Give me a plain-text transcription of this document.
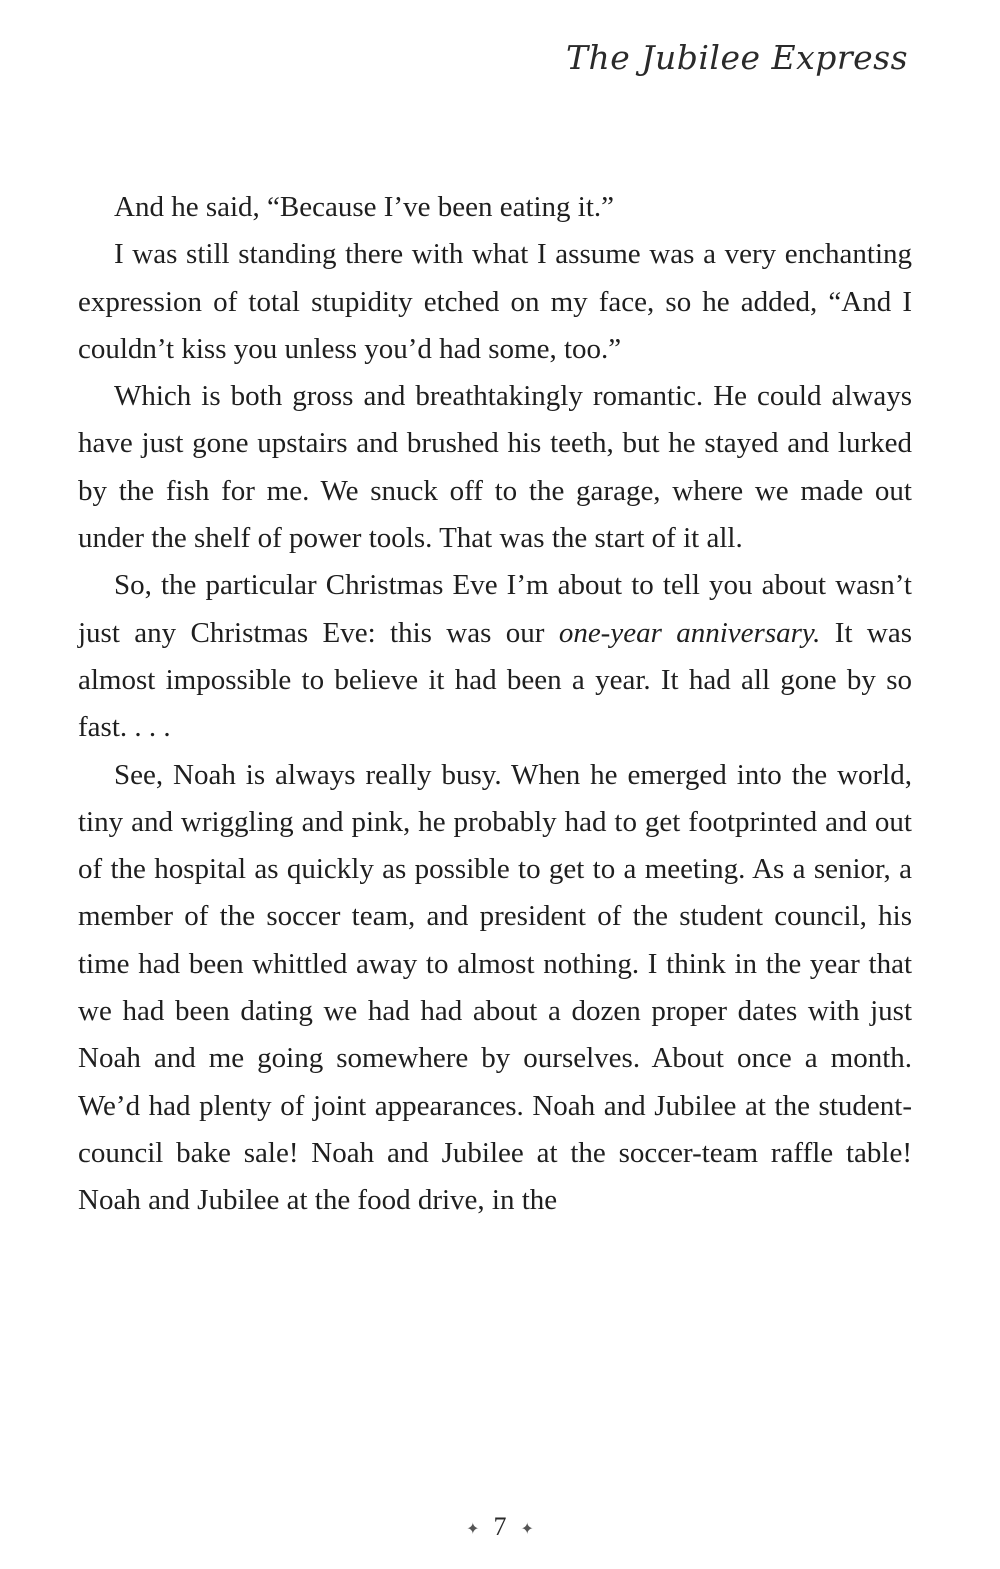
The Jubilee Express

And he said, “Because I’ve been eating it.”

I was still standing there with what I assume was a very enchanting expression of total stupidity etched on my face, so he added, “And I couldn’t kiss you unless you’d had some, too.”

Which is both gross and breathtakingly romantic. He could always have just gone upstairs and brushed his teeth, but he stayed and lurked by the fish for me. We snuck off to the garage, where we made out under the shelf of power tools. That was the start of it all.

So, the particular Christmas Eve I’m about to tell you about wasn’t just any Christmas Eve: this was our one-year anniversary. It was almost impossible to believe it had been a year. It had all gone by so fast. . . .

See, Noah is always really busy. When he emerged into the world, tiny and wriggling and pink, he probably had to get footprinted and out of the hospital as quickly as possible to get to a meeting. As a senior, a member of the soccer team, and president of the student council, his time had been whittled away to almost nothing. I think in the year that we had been dating we had had about a dozen proper dates with just Noah and me going somewhere by ourselves. About once a month. We’d had plenty of joint appearances. Noah and Jubilee at the student-council bake sale! Noah and Jubilee at the soccer-team raffle table! Noah and Jubilee at the food drive, in the

✦ 7 ✦
